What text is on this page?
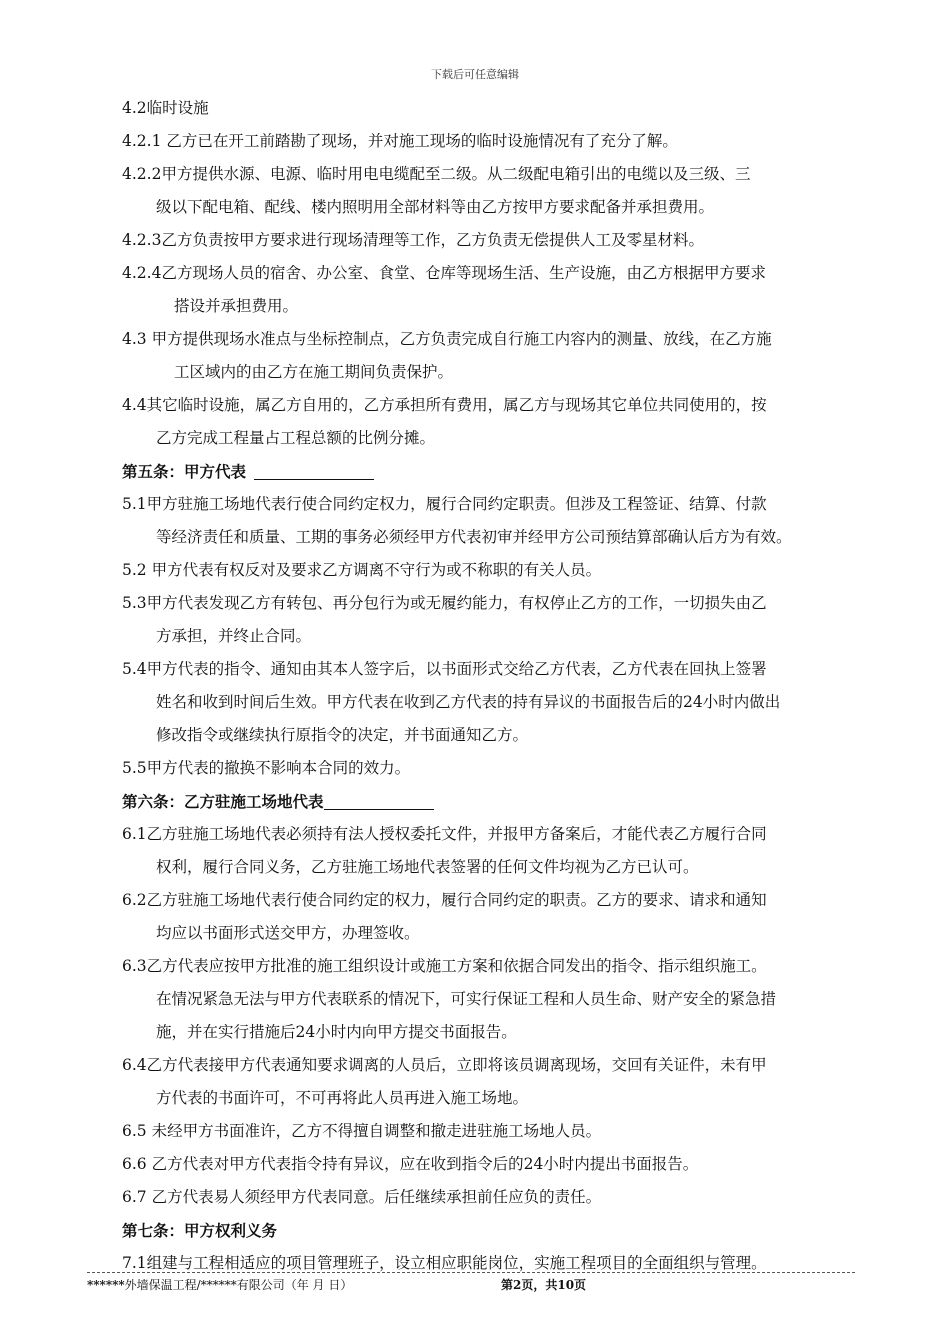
下载后可任意编辑
4.2临时设施
4.2.1 乙方已在开工前踏勘了现场，并对施工现场的临时设施情况有了充分了解。
4.2.2甲方提供水源、电源、临时用电电缆配至二级。从二级配电箱引出的电缆以及三级、三
级以下配电箱、配线、楼内照明用全部材料等由乙方按甲方要求配备并承担费用。
4.2.3乙方负责按甲方要求进行现场清理等工作，乙方负责无偿提供人工及零星材料。
4.2.4乙方现场人员的宿舍、办公室、食堂、仓库等现场生活、生产设施，由乙方根据甲方要求
搭设并承担费用。
4.3 甲方提供现场水准点与坐标控制点，乙方负责完成自行施工内容内的测量、放线，在乙方施
工区域内的由乙方在施工期间负责保护。
4.4其它临时设施，属乙方自用的，乙方承担所有费用，属乙方与现场其它单位共同使用的，按
乙方完成工程量占工程总额的比例分摊。
第五条：甲方代表
5.1甲方驻施工场地代表行使合同约定权力，履行合同约定职责。但涉及工程签证、结算、付款
等经济责任和质量、工期的事务必须经甲方代表初审并经甲方公司预结算部确认后方为有效。
5.2 甲方代表有权反对及要求乙方调离不守行为或不称职的有关人员。
5.3甲方代表发现乙方有转包、再分包行为或无履约能力，有权停止乙方的工作，一切损失由乙
方承担，并终止合同。
5.4甲方代表的指令、通知由其本人签字后，以书面形式交给乙方代表，乙方代表在回执上签署
姓名和收到时间后生效。甲方代表在收到乙方代表的持有异议的书面报告后的24小时内做出
修改指令或继续执行原指令的决定，并书面通知乙方。
5.5甲方代表的撤换不影响本合同的效力。
第六条：乙方驻施工场地代表
6.1乙方驻施工场地代表必须持有法人授权委托文件，并报甲方备案后，才能代表乙方履行合同
权利，履行合同义务，乙方驻施工场地代表签署的任何文件均视为乙方已认可。
6.2乙方驻施工场地代表行使合同约定的权力，履行合同约定的职责。乙方的要求、请求和通知
均应以书面形式送交甲方，办理签收。
6.3乙方代表应按甲方批准的施工组织设计或施工方案和依据合同发出的指令、指示组织施工。
在情况紧急无法与甲方代表联系的情况下，可实行保证工程和人员生命、财产安全的紧急措
施，并在实行措施后24小时内向甲方提交书面报告。
6.4乙方代表接甲方代表通知要求调离的人员后，立即将该员调离现场，交回有关证件，未有甲
方代表的书面许可，不可再将此人员再进入施工场地。
6.5 未经甲方书面准许，乙方不得擅自调整和撤走进驻施工场地人员。
6.6 乙方代表对甲方代表指令持有异议，应在收到指令后的24小时内提出书面报告。
6.7 乙方代表易人须经甲方代表同意。后任继续承担前任应负的责任。
第七条：甲方权利义务
7.1组建与工程相适应的项目管理班子，设立相应职能岗位，实施工程项目的全面组织与管理。
******外墙保温工程/******有限公司（年 月 日）	第2页，共10页
